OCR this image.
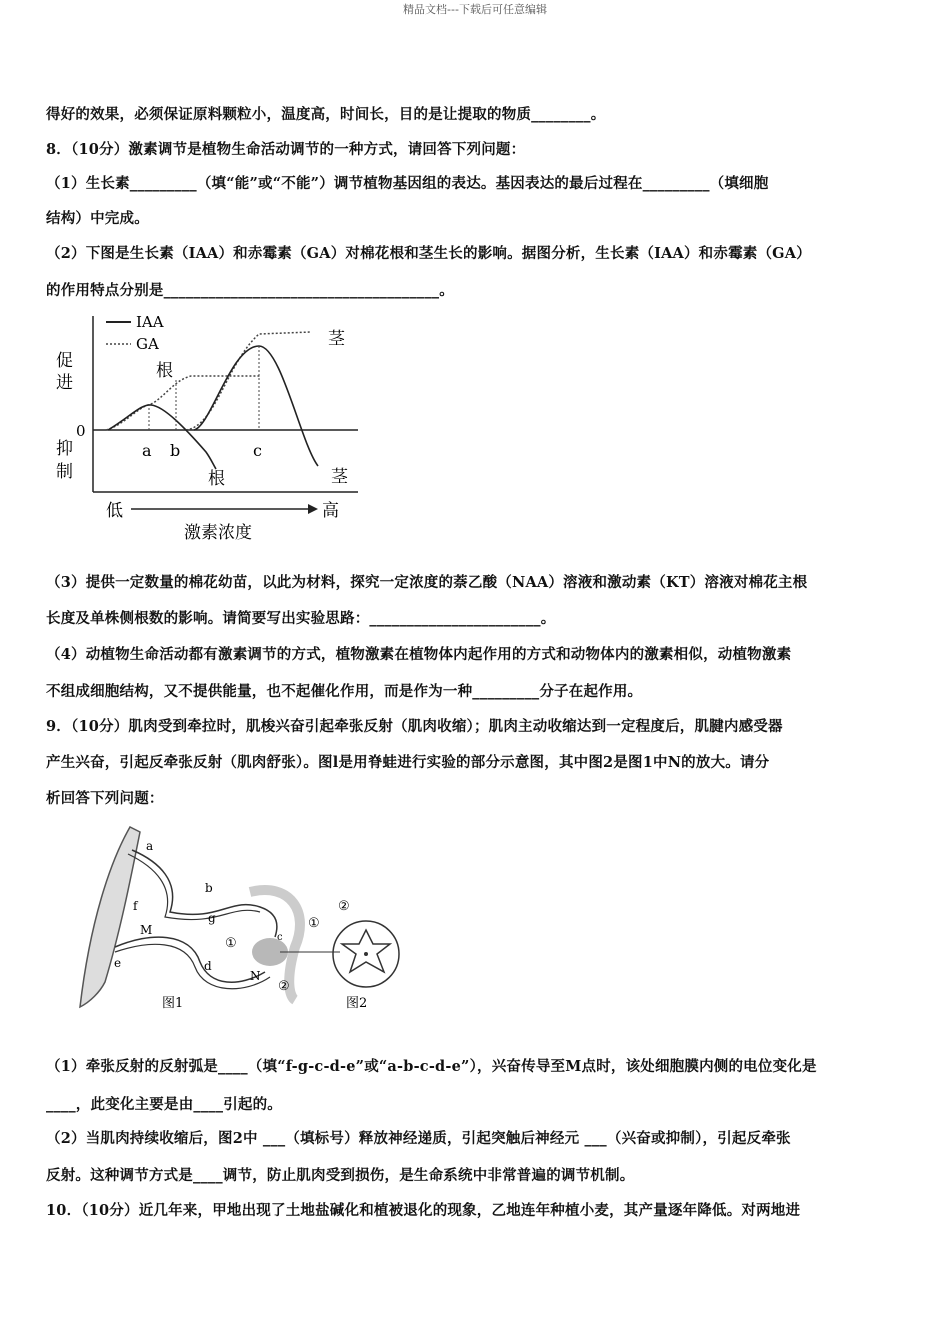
精品文档---下载后可任意编辑
得好的效果，必须保证原料颗粒小，温度高，时间长，目的是让提取的物质________。
8．（10分）激素调节是植物生命活动调节的一种方式，请回答下列问题：
（1）生长素_________（填“能”或“不能”）调节植物基因组的表达。基因表达的最后过程在_________（填细胞
结构）中完成。
（2）下图是生长素（IAA）和赤霉素（GA）对棉花根和茎生长的影响。据图分析，生长素（IAA）和赤霉素（GA）
的作用特点分别是_____________________________________。
IAA
GA
促
进
0
抑
制
a b	c
根
茎
根	茎
低	高
激素浓度
（3）提供一定数量的棉花幼苗，以此为材料，探究一定浓度的萘乙酸（NAA）溶液和激动素（KT）溶液对棉花主根
长度及单株侧根数的影响。请简要写出实验思路：_______________________。
（4）动植物生命活动都有激素调节的方式，植物激素在植物体内起作用的方式和动物体内的激素相似，动植物激素
不组成细胞结构，又不提供能量，也不起催化作用，而是作为一种_________分子在起作用。
9．（10分）肌肉受到牵拉时，肌梭兴奋引起牵张反射（肌肉收缩）；肌肉主动收缩达到一定程度后，肌腱内感受器
产生兴奋，引起反牵张反射（肌肉舒张）。图l是用脊蛙进行实验的部分示意图，其中图2是图1中N的放大。请分
析回答下列问题：
a
b
f
g
M
e	d
c
N
①
②
①
②
图1	图2
（1）牵张反射的反射弧是____（填“f-g-c-d-e”或“a-b-c-d-e”），兴奋传导至M点时，该处细胞膜内侧的电位变化是
____，此变化主要是由____引起的。
（2）当肌肉持续收缩后，图2中 ___（填标号）释放神经递质，引起突触后神经元 ___（兴奋或抑制），引起反牵张
反射。这种调节方式是____调节，防止肌肉受到损伤，是生命系统中非常普遍的调节机制。
10．（10分）近几年来，甲地出现了土地盐碱化和植被退化的现象，乙地连年种植小麦，其产量逐年降低。对两地进
